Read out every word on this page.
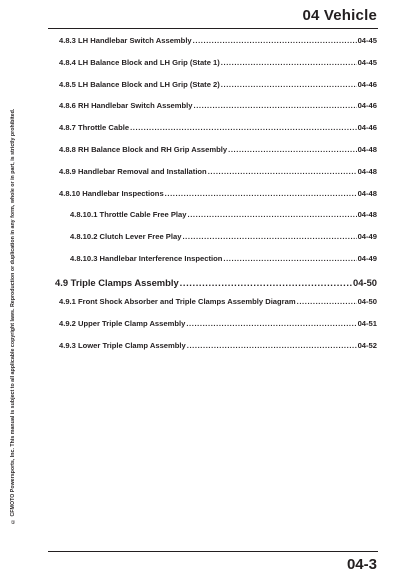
04 Vehicle
© CFMOTO Powersports, Inc. This manual is subject to all applicable copyright laws. Reproduction or duplication in any form, whole or in part, is strictly prohibited.
4.8.3 LH Handlebar Switch Assembly .....	04-45
4.8.4 LH Balance Block and LH Grip (State 1) .....	04-45
4.8.5 LH Balance Block and LH Grip (State 2) .....	04-46
4.8.6 RH Handlebar Switch Assembly .....	04-46
4.8.7 Throttle Cable .....	04-46
4.8.8 RH Balance Block and RH Grip Assembly .....	04-48
4.8.9 Handlebar Removal and Installation .....	04-48
4.8.10 Handlebar Inspections .....	04-48
4.8.10.1 Throttle Cable Free Play .....	04-48
4.8.10.2 Clutch Lever Free Play .....	04-49
4.8.10.3 Handlebar Interference Inspection .....	04-49
4.9 Triple Clamps Assembly .....	04-50
4.9.1 Front Shock Absorber and Triple Clamps Assembly Diagram .....	04-50
4.9.2 Upper Triple Clamp Assembly .....	04-51
4.9.3 Lower Triple Clamp Assembly .....	04-52
04-3
